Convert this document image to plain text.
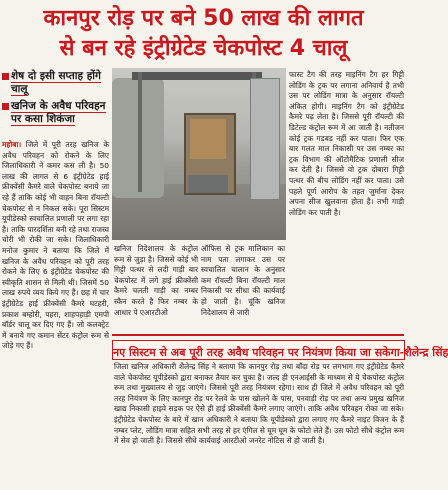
कानपुर रोड़ पर बने 50 लाख की लागत
से बन रहे इंट्रीग्रेटेड चेकपोस्ट 4 चालू
शेष दो इसी सप्ताह होंगे चालू
खनिज के अवैध परिवहन पर कसा शिकंजा
महोबा। जिले में पूरी तरह खनिज के अवैध परिवहन को रोकने के लिए जिलाधिकारी ने कमर कस ली है। 50 लाख की लागत से 6 इंट्रीग्रेटेड हाई फ्रीक्वेंसी कैमरे वाले चेकपोस्ट बनाये जा रहे हैं ताकि कोई भी वाहन बिना रॉयल्टी चेकपोस्ट से न निकल सके। पूरा सिस्टम यूपीडेस्को स्वचालित प्रणाली पर लगा रहा है। ताकि पारदर्शिता बनी रहे तथा राजस्व चोरी भी रोकी जा सके। जिलाधिकारी मनोज कुमार ने बताया कि जिले में खनिज के अवैध परिवहन को पूरी तरह रोकने के लिए 6 इंट्रीग्रेटेड चेकपोस्ट की स्वीकृति शासन से मिली थी। जिसमें 50 लाख रुपये व्यय किये गए हैं। छह में चार इंट्रीग्रेटेड हाई फ्रीक्वेंसी कैमरे घटहरी, प्रकाश बम्होरी, पहरा, शाहपहाड़ी एमपी बॉर्डर चालू कर दिए गए हैं। जो कलक्ट्रेट में बनाये गए कमान सेंटर कंट्रोल रूम से जोड़े गए हैं।
खनिज निदेशालय के कंट्रोल रूम से जुड़ा है। जिससे कोई भी गिट्टी पत्थर से लदी गाड़ी बार चेकपोस्ट में लगे हाई फ्रीक्वेंसी कैमरे चलती गाड़ी का नम्बर स्कैन करते है फिर नम्बर के आधार पे एआरटीओ
ऑफिस से ट्रक मालिकान का नाम पता लगाकर उस पर स्वचालित चालान के अनुसार कम रॉयल्टी बिना रॉयल्टी माल निकासी पर सीधा की कार्यवाई हो जाती है। चूंकि खनिज निदेशालय से जारी
फास्ट टैग की तरह माइनिंग टैग हर गिट्टी लोडिंग के ट्रक पर लगाना अनिवार्य है तभी उस पर लोडिंग मात्रा के अनुसार रॉयल्टी अंकित होगी। माइनिंग टैग को इंट्रीग्रेटेड कैमरे पढ़ लेता है। जिससे पूरी रॉयल्टी की डिटेल्ड कंट्रोल रूम में आ जाती है। नतीजन कोई ट्रक गड़बड़ नहीं कर पाता। फिर एक बार गलत माल निकासी पर उस नम्बर का ट्रक विभाग की ऑटोमैटिक प्रणाली सीज कर देती है। जिससे वो ट्रक दोबारा गिट्टी पत्थर की बीच लोडिंग नहीं कर पाता। उसे पहले पूर्ण आरोप के तहत जुर्माना देकर अपना सीज खुलवाना होता है। तभी गाड़ी लोडिंग कर पाती है।
नए सिस्टम से अब पूरी तरह अवैध परिवहन पर नियंत्रण किया जा सकेगा-शैलेन्द्र सिंह
जिला खनिज अधिकारी शैलेन्द्र सिंह ने बताया कि कानपुर रोड़ तथा बाँदा रोड़ पर लगभाग गए इंट्रीग्रेटेड कैमरे वाले चेकपोस्ट यूपीडेस्को द्वारा बनाकर तैयार कर चुका है। जल्द ही एनआईसी के माध्यम से ये चेकपोस्ट कंट्रोल रूम तथा मुख्यालय से जुड़ जाएंगे। जिससे पूरी तरह नियंत्रण रहेगा। साथ ही जिले में अवैध परिवहन को पूरी तरह नियंत्रण के लिए कानपुर रोड़ पर रेलवे के पास खोलने के पास, पनवाड़ी रोड़ पर तथा अन्य प्रमुख खनिज खाद्य निकासी हाइवे सड़क पर ऐसे ही हाई फ्रीक्वेंसी कैमरे लगाए जाएंगे। ताकि अवैध परिवहन रोका जा सके। इंट्रीग्रेटेड चेकपोस्ट के बारे में खान अधिकारी ने बताया कि यूपीडेस्को द्वारा लगाए गए कैमरे नाइट विजन के हैं नम्बर प्लेट, लोडिंग मात्रा सहित सभी तरह से हर एंगिल से घूम घूम के फोटो लेते हैं। उस फोटो सीधे कंट्रोल रूम में सेव हो जाती है। जिससे सीधे कार्यवाई आरटीओ जनरेट नोटिस से हो जाती है।
